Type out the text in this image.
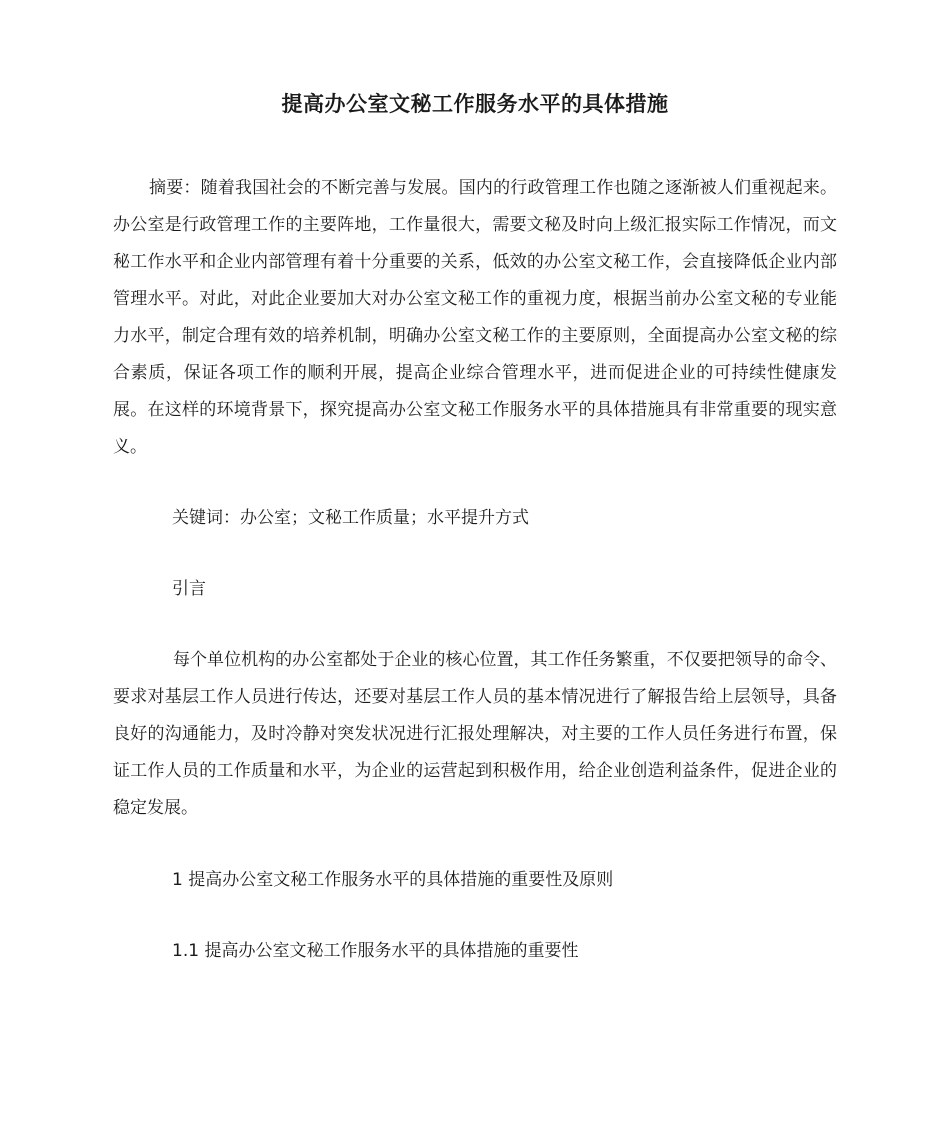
提高办公室文秘工作服务水平的具体措施

摘要：随着我国社会的不断完善与发展。国内的行政管理工作也随之逐渐被人们重视起来。办公室是行政管理工作的主要阵地，工作量很大，需要文秘及时向上级汇报实际工作情况，而文秘工作水平和企业内部管理有着十分重要的关系，低效的办公室文秘工作，会直接降低企业内部管理水平。对此，对此企业要加大对办公室文秘工作的重视力度，根据当前办公室文秘的专业能力水平，制定合理有效的培养机制，明确办公室文秘工作的主要原则，全面提高办公室文秘的综合素质，保证各项工作的顺利开展，提高企业综合管理水平，进而促进企业的可持续性健康发展。在这样的环境背景下，探究提高办公室文秘工作服务水平的具体措施具有非常重要的现实意义。

关键词：办公室；文秘工作质量；水平提升方式

引言

每个单位机构的办公室都处于企业的核心位置，其工作任务繁重，不仅要把领导的命令、要求对基层工作人员进行传达，还要对基层工作人员的基本情况进行了解报告给上层领导，具备良好的沟通能力，及时冷静对突发状况进行汇报处理解决，对主要的工作人员任务进行布置，保证工作人员的工作质量和水平，为企业的运营起到积极作用，给企业创造利益条件，促进企业的稳定发展。

1 提高办公室文秘工作服务水平的具体措施的重要性及原则

1.1 提高办公室文秘工作服务水平的具体措施的重要性
